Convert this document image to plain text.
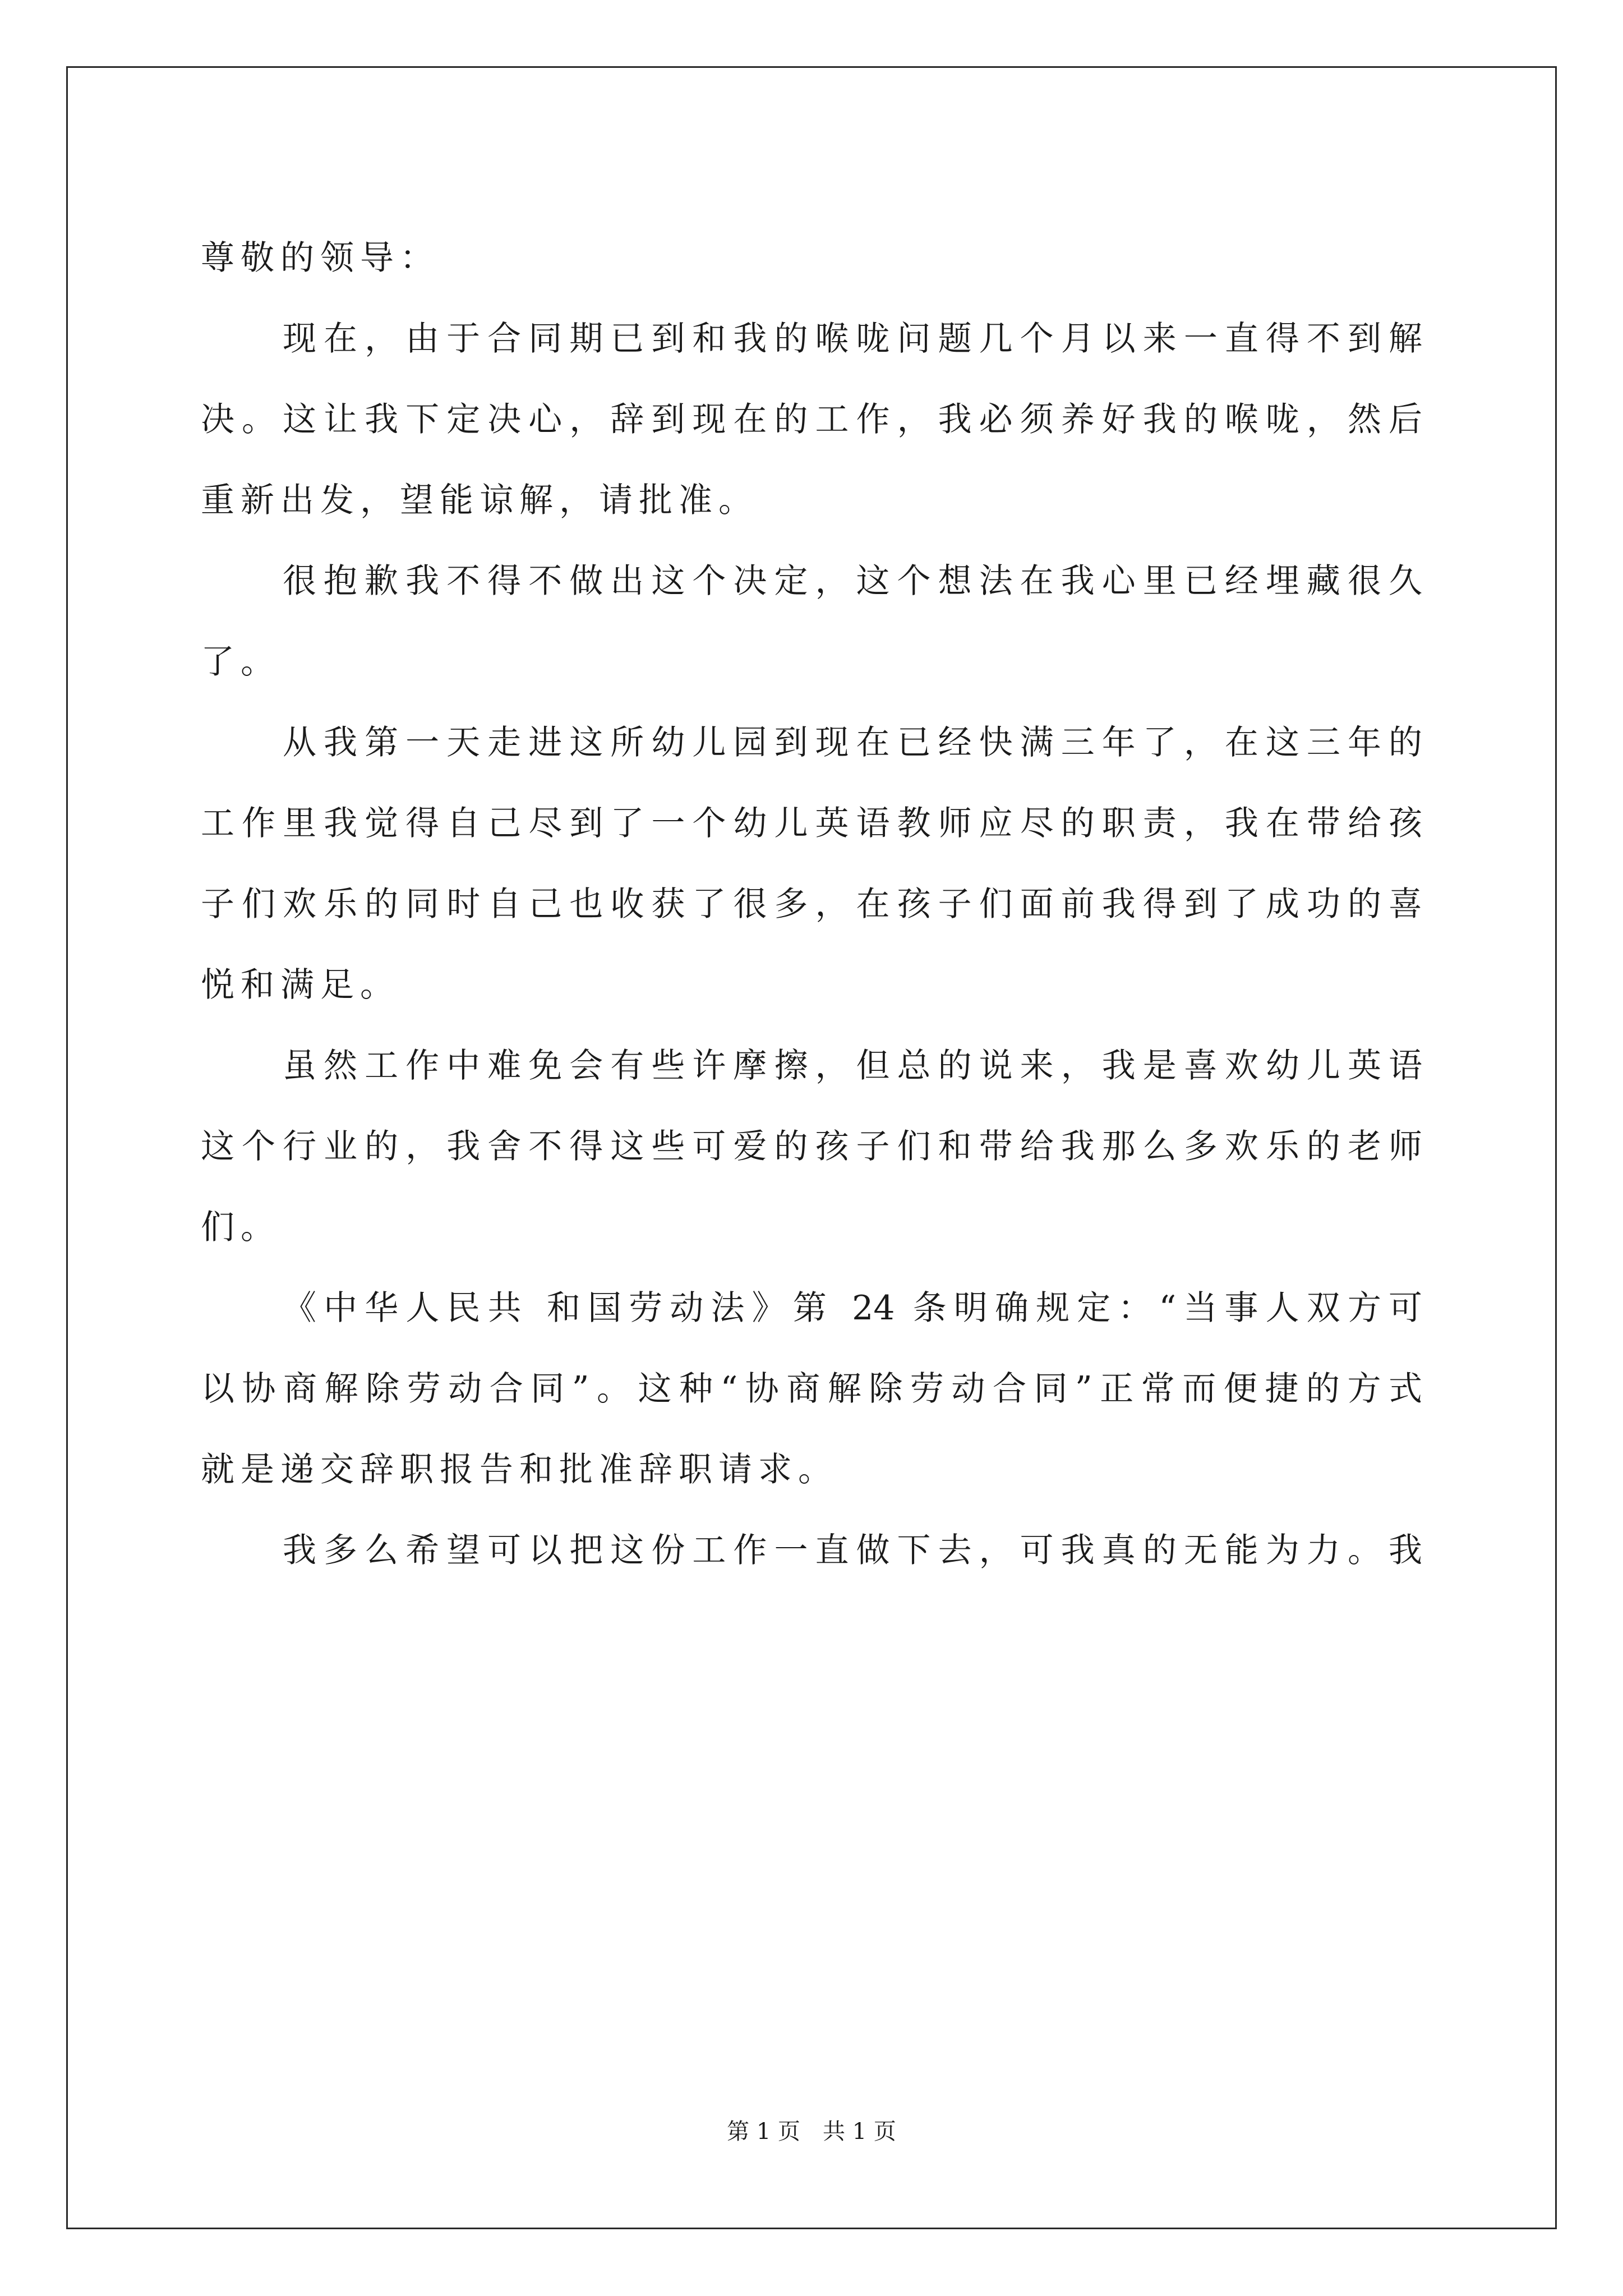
尊敬的领导：
现在，由于合同期已到和我的喉咙问题几个月以来一直得不到解
决。这让我下定决心，辞到现在的工作，我必须养好我的喉咙，然后
重新出发，望能谅解，请批准。
很抱歉我不得不做出这个决定，这个想法在我心里已经埋藏很久
了。
从我第一天走进这所幼儿园到现在已经快满三年了，在这三年的
工作里我觉得自己尽到了一个幼儿英语教师应尽的职责，我在带给孩
子们欢乐的同时自己也收获了很多，在孩子们面前我得到了成功的喜
悦和满足。
虽然工作中难免会有些许摩擦，但总的说来，我是喜欢幼儿英语
这个行业的，我舍不得这些可爱的孩子们和带给我那么多欢乐的老师
们。
《中华人民共 和国劳动法》第 24 条明确规定：“当事人双方可
以协商解除劳动合同”。这种“协商解除劳动合同”正常而便捷的方式
就是递交辞职报告和批准辞职请求。
我多么希望可以把这份工作一直做下去，可我真的无能为力。我
第 1 页　共 1 页
